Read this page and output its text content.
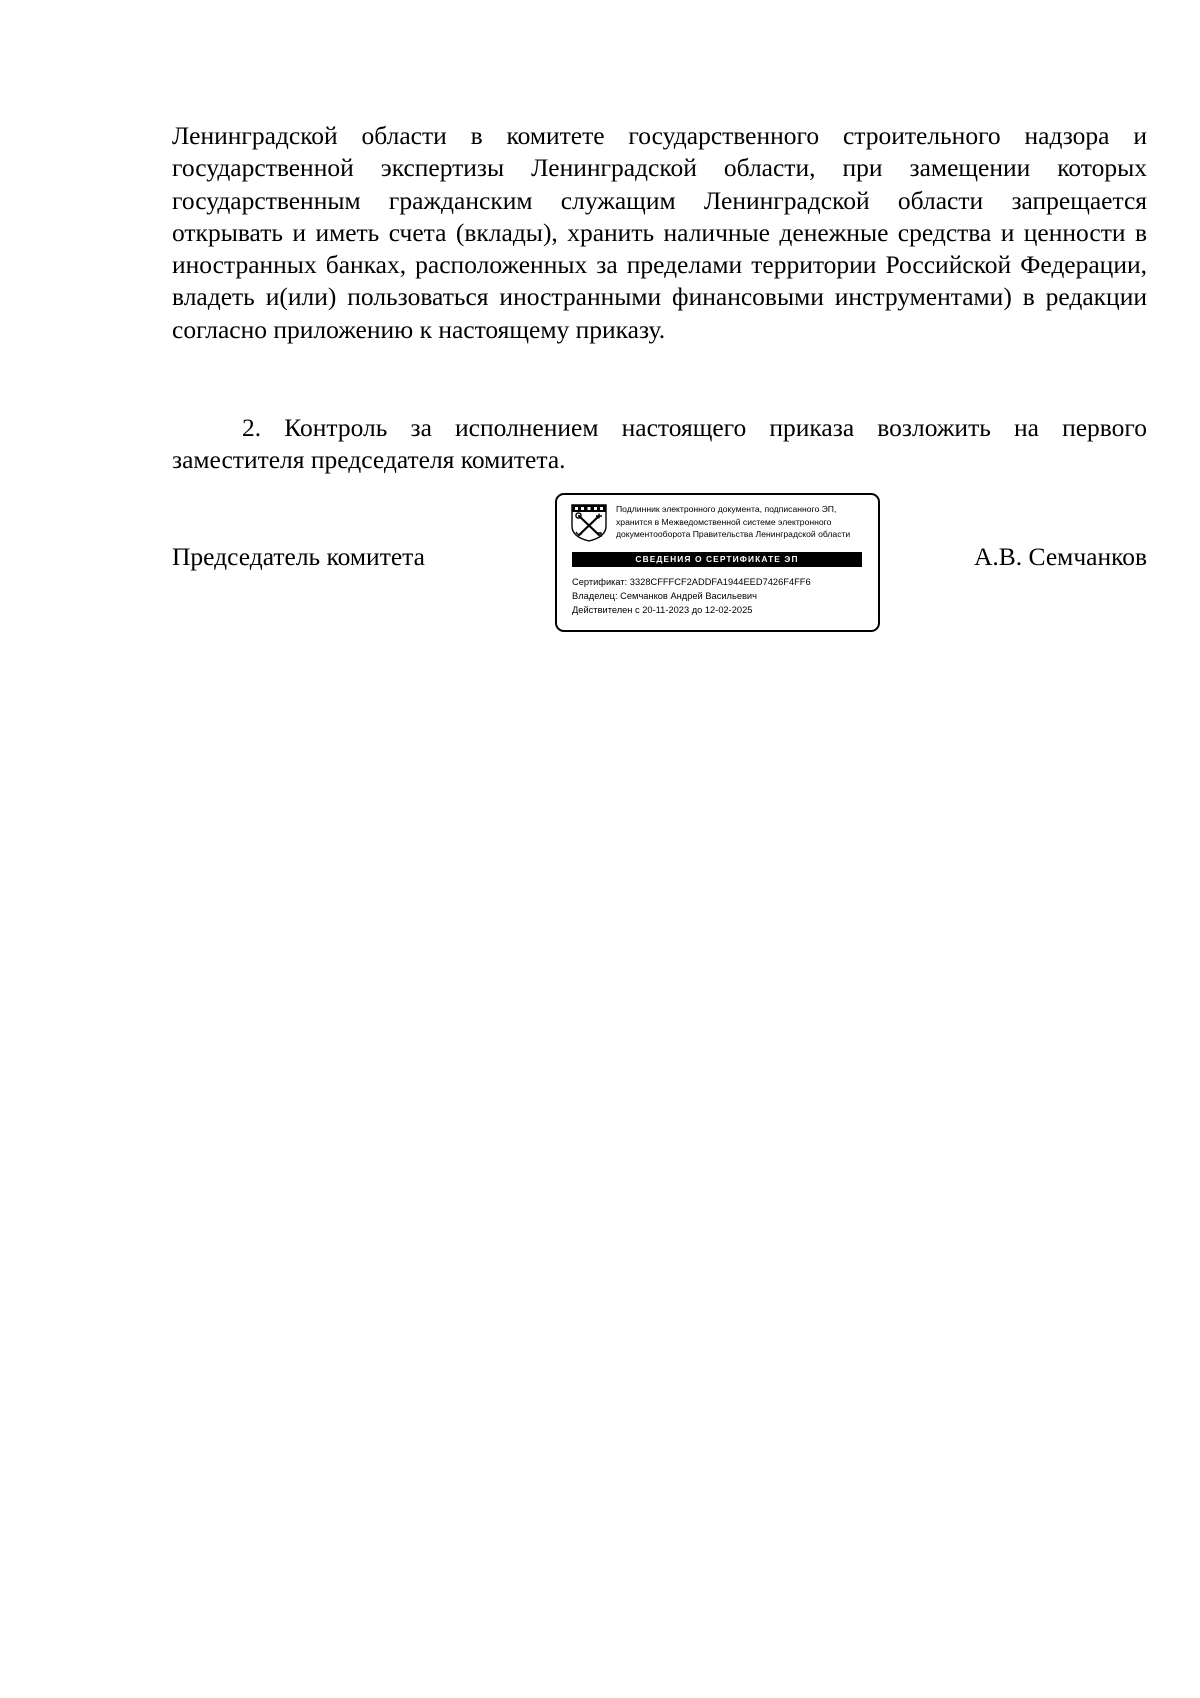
Ленинградской области в комитете государственного строительного надзора и государственной экспертизы Ленинградской области, при замещении которых государственным гражданским служащим Ленинградской области запрещается открывать и иметь счета (вклады), хранить наличные денежные средства и ценности в иностранных банках, расположенных за пределами территории Российской Федерации, владеть и(или) пользоваться иностранными финансовыми инструментами) в редакции согласно приложению к настоящему приказу.
2. Контроль за исполнением настоящего приказа возложить на первого заместителя председателя комитета.
Председатель комитета
Подлинник электронного документа, подписанного ЭП,
хранится в Межведомственной системе электронного
документооборота Правительства Ленинградской области
СВЕДЕНИЯ О СЕРТИФИКАТЕ ЭП
Сертификат: 3328CFFFCF2ADDFA1944EED7426F4FF6
Владелец: Семчанков Андрей Васильевич
Действителен с 20-11-2023 до 12-02-2025
А.В. Семчанков
